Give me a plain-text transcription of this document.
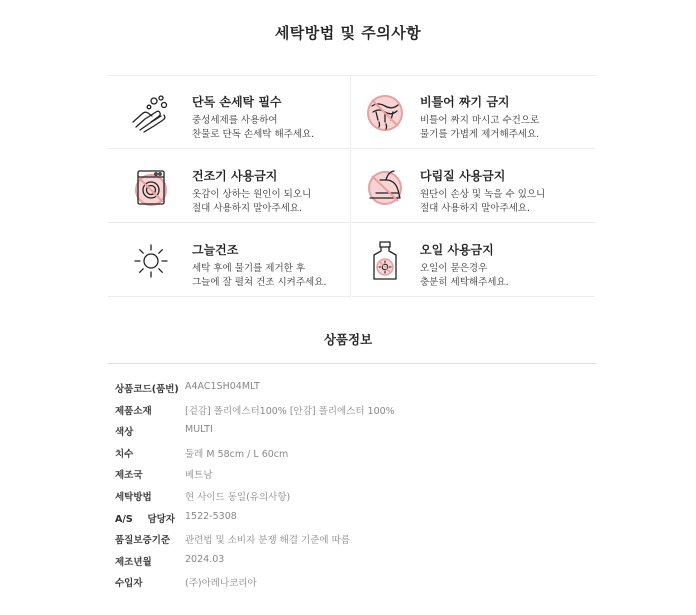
세탁방법 및 주의사항
단독 손세탁 필수
중성세제를 사용하여
찬물로 단독 손세탁 해주세요.
비틀어 짜기 금지
비틀어 짜지 마시고 수건으로
물기를 가볍게 제거해주세요.
건조기 사용금지
옷감이 상하는 원인이 되오니
절대 사용하지 말아주세요.
다림질 사용금지
원단이 손상 및 녹을 수 있으니
절대 사용하지 말아주세요.
그늘건조
세탁 후에 물기를 제거한 후
그늘에 잘 펼쳐 건조 시켜주세요.
오일 사용금지
오일이 묻은경우
충분히 세탁해주세요.
상품정보
상품코드(품번) A4AC1SH04MLT
제품소재	[겉감] 폴리에스터100% [안감] 폴리에스터 100%
색상	MULTI
치수	둘레 M 58cm / L 60cm
제조국	베트남
세탁방법	현 사이드 동일(유의사항)
A/S 담당자 1522-5308
품질보증기준	관련법 및 소비자 분쟁 해결 기준에 따름
제조년월	2024.03
수입자	(주)아레나코리아
